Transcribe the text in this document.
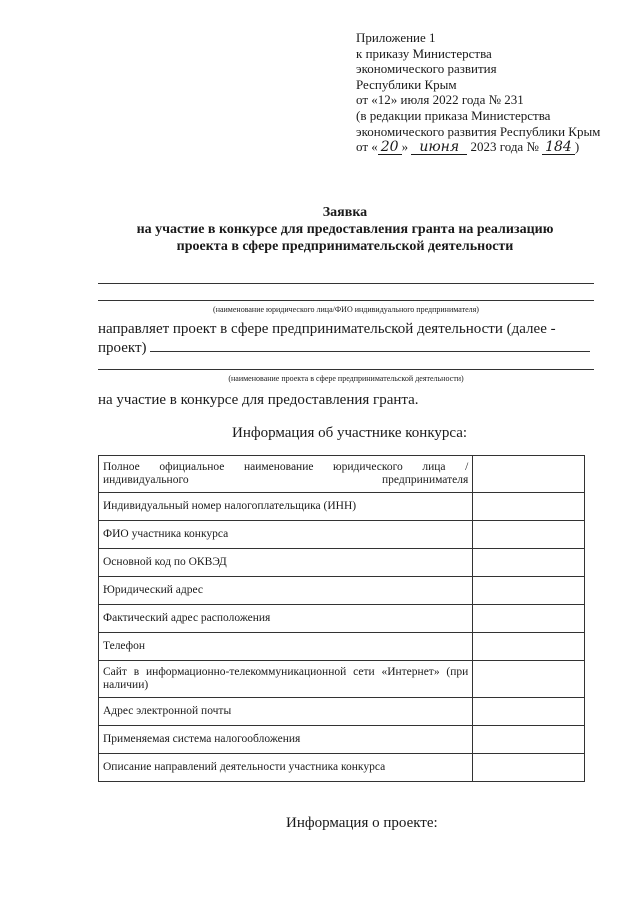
Приложение 1
к приказу Министерства
экономического развития
Республики Крым
от «12» июля 2022 года № 231
(в редакции приказа Министерства экономического развития Республики Крым
от « 20 » июня 2023 года № 184 )
Заявка
на участие в конкурсе для предоставления гранта на реализацию
проекта в сфере предпринимательской деятельности
(наименование юридического лица/ФИО индивидуального предпринимателя)
направляет проект в сфере предпринимательской деятельности (далее -
проект)
(наименование проекта в сфере предпринимательской деятельности)
на участие в конкурсе для предоставления гранта.
Информация об участнике конкурса:
Полное официальное наименование юридического лица /индивидуального предпринимателя	
Индивидуальный номер налогоплательщика (ИНН)	
ФИО участника конкурса	
Основной код по ОКВЭД	
Юридический адрес	
Фактический адрес расположения	
Телефон	
Сайт в информационно-телекоммуникационной сети «Интернет» (при наличии)	
Адрес электронной почты	
Применяемая система налогообложения	
Описание направлений деятельности участника конкурса	
Информация о проекте:
